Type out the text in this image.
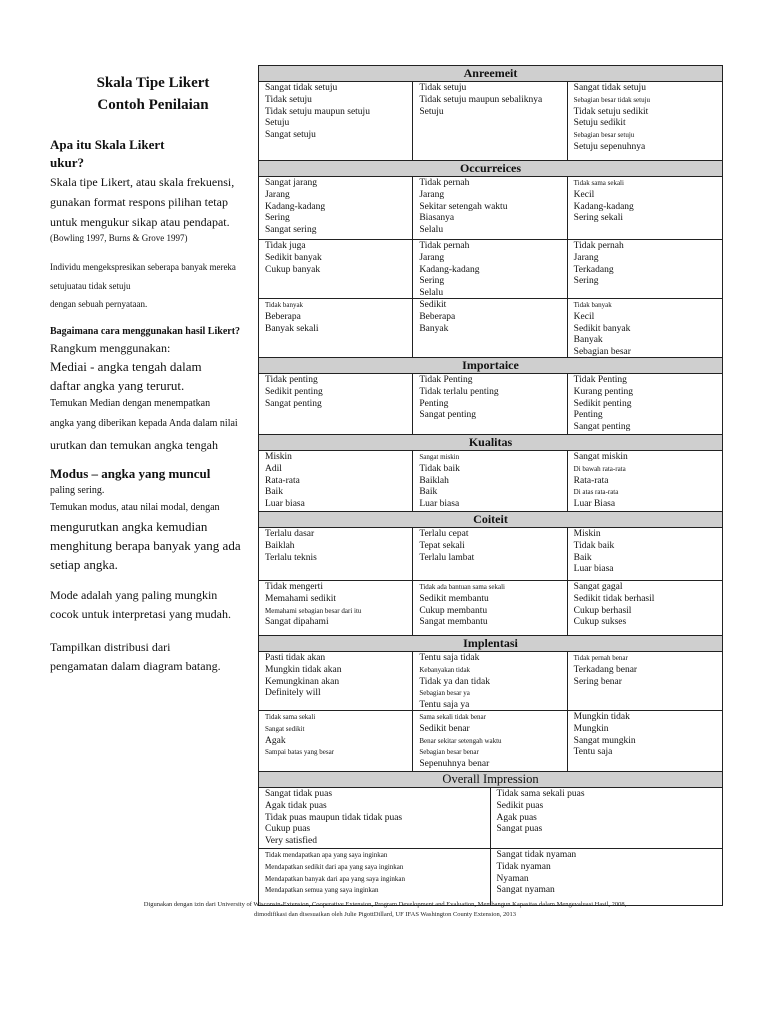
Skala Tipe Likert
Contoh Penilaian
Apa itu Skala Likert
ukur?
Skala tipe Likert, atau skala frekuensi,
gunakan format respons pilihan tetap
untuk mengukur sikap atau pendapat.
(Bowling 1997, Burns & Grove 1997)
Individu mengekspresikan seberapa banyak mereka
setujuatau tidak setuju
dengan sebuah pernyataan.
Bagaimana cara menggunakan hasil Likert?
Rangkum menggunakan:
Mediai - angka tengah dalam
daftar angka yang terurut.
Temukan Median dengan menempatkan
angka yang diberikan kepada Anda dalam nilai
urutkan dan temukan angka tengah
Modus – angka yang muncul
paling sering.
Temukan modus, atau nilai modal, dengan
mengurutkan angka kemudian
menghitung berapa banyak yang ada
setiap angka.
Mode adalah yang paling mungkin
cocok untuk interpretasi yang mudah.
Tampilkan distribusi dari
pengamatan dalam diagram batang.
Anreemeit
Sangat tidak setuju
Tidak setuju
Tidak setuju maupun setuju
Setuju
Sangat setuju
Tidak setuju
Tidak setuju maupun sebaliknya
Setuju
Sangat tidak setuju
Sebagian besar tidak setuju
Tidak setuju sedikit
Setuju sedikit
Sebagian besar setuju
Setuju sepenuhnya
Occurreices
Sangat jarang
Jarang
Kadang-kadang
Sering
Sangat sering
Tidak pernah
Jarang
Sekitar setengah waktu
Biasanya
Selalu
Tidak sama sekali
Kecil
Kadang-kadang
Sering sekali
Tidak juga
Sedikit banyak
Cukup banyak
Tidak pernah
Jarang
Kadang-kadang
Sering
Selalu
Tidak pernah
Jarang
Terkadang
Sering
Tidak banyak
Beberapa
Banyak sekali
Sedikit
Beberapa
Banyak
Tidak banyak
Kecil
Sedikit banyak
Banyak
Sebagian besar
Importaice
Tidak penting
Sedikit penting
Sangat penting
Tidak Penting
Tidak terlalu penting
Penting
Sangat penting
Tidak Penting
Kurang penting
Sedikit penting
Penting
Sangat penting
Kualitas
Miskin
Adil
Rata-rata
Baik
Luar biasa
Sangat miskin
Tidak baik
Baiklah
Baik
Luar biasa
Sangat miskin
Di bawah rata-rata
Rata-rata
Di atas rata-rata
Luar Biasa
Coiteit
Terlalu dasar
Baiklah
Terlalu teknis
Terlalu cepat
Tepat sekali
Terlalu lambat
Miskin
Tidak baik
Baik
Luar biasa
Tidak mengerti
Memahami sedikit
Memahami sebagian besar dari itu
Sangat dipahami
Tidak ada bantuan sama sekali
Sedikit membantu
Cukup membantu
Sangat membantu
Sangat gagal
Sedikit tidak berhasil
Cukup berhasil
Cukup sukses
Implentasi
Pasti tidak akan
Mungkin tidak akan
Kemungkinan akan
Definitely will
Tentu saja tidak
Kebanyakan tidak
Tidak ya dan tidak
Sebagian besar ya
Tentu saja ya
Tidak pernah benar
Terkadang benar
Sering benar
Tidak sama sekali
Sangat sedikit
Agak
Sampai batas yang besar
Sama sekali tidak benar
Sedikit benar
Benar sekitar setengah waktu
Sebagian besar benar
Sepenuhnya benar
Mungkin tidak
Mungkin
Sangat mungkin
Tentu saja
Overall Impression
Sangat tidak puas
Agak tidak puas
Tidak puas maupun tidak tidak puas
Cukup puas
Very satisfied
Tidak sama sekali puas
Sedikit puas
Agak puas
Sangat puas
Tidak mendapatkan apa yang saya inginkan
Mendapatkan sedikit dari apa yang saya inginkan
Mendapatkan banyak dari apa yang saya inginkan
Mendapatkan semua yang saya inginkan
Sangat tidak nyaman
Tidak nyaman
Nyaman
Sangat nyaman
Digunakan dengan izin dari University of Wisconsin-Extension, Cooperative Extension, Program Development and Evaluation, Membangun Kapasitas dalam Mengevaluasi Hasil, 2008,
dimodifikasi dan disesuaikan oleh Julie PigottDillard, UF IFAS Washington County Extension, 2013
